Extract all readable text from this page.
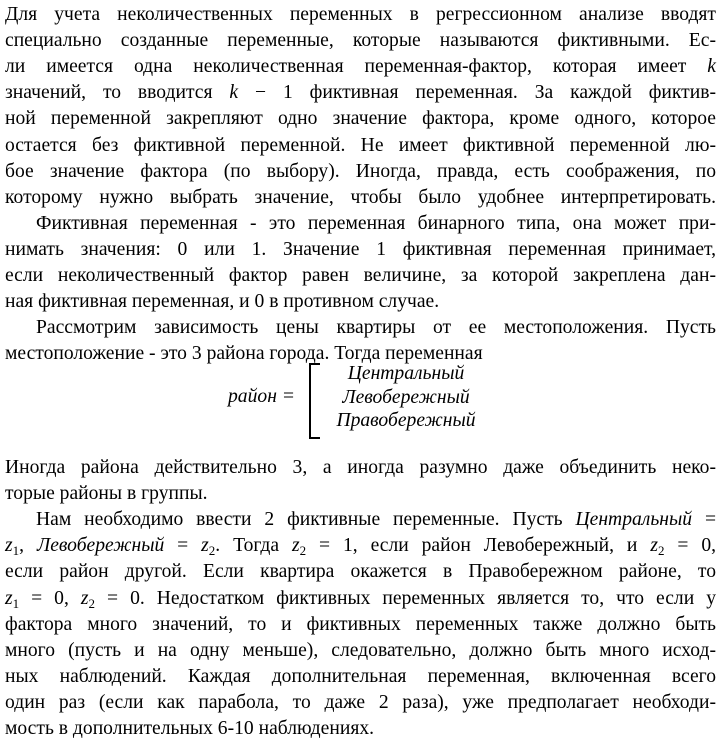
Для учета неколичественных переменных в регрессионном анализе вводят
специально созданные переменные, которые называются фиктивными. Ес-
ли имеется одна неколичественная переменная-фактор, которая имеет k
значений, то вводится k − 1 фиктивная переменная. За каждой фиктив-
ной переменной закрепляют одно значение фактора, кроме одного, которое
остается без фиктивной переменной. Не имеет фиктивной переменной лю-
бое значение фактора (по выбору). Иногда, правда, есть соображения, по
которому нужно выбрать значение, чтобы было удобнее интерпретировать.
Фиктивная переменная - это переменная бинарного типа, она может при-
нимать значения: 0 или 1. Значение 1 фиктивная переменная принимает,
если неколичественный фактор равен величине, за которой закреплена дан-
ная фиктивная переменная, и 0 в противном случае.
Рассмотрим зависимость цены квартиры от ее местоположения. Пусть
местоположение - это 3 района города. Тогда переменная
Иногда района действительно 3, а иногда разумно даже объединить неко-
торые районы в группы.
Нам необходимо ввести 2 фиктивные переменные. Пусть Центральный =
$z_1$, Левобережный = $z_2$. Тогда $z_2 = 1$, если район Левобережный, и $z_2 = 0$,
если район другой. Если квартира окажется в Правобережном районе, то
$z_1 = 0$, $z_2 = 0$. Недостатком фиктивных переменных является то, что если у
фактора много значений, то и фиктивных переменных также должно быть
много (пусть и на одну меньше), следовательно, должно быть много исход-
ных наблюдений. Каждая дополнительная переменная, включенная всего
один раз (если как парабола, то даже 2 раза), уже предполагает необходи-
мость в дополнительных 6-10 наблюдениях.
район =
Центральный
Левобережный
Правобережный
